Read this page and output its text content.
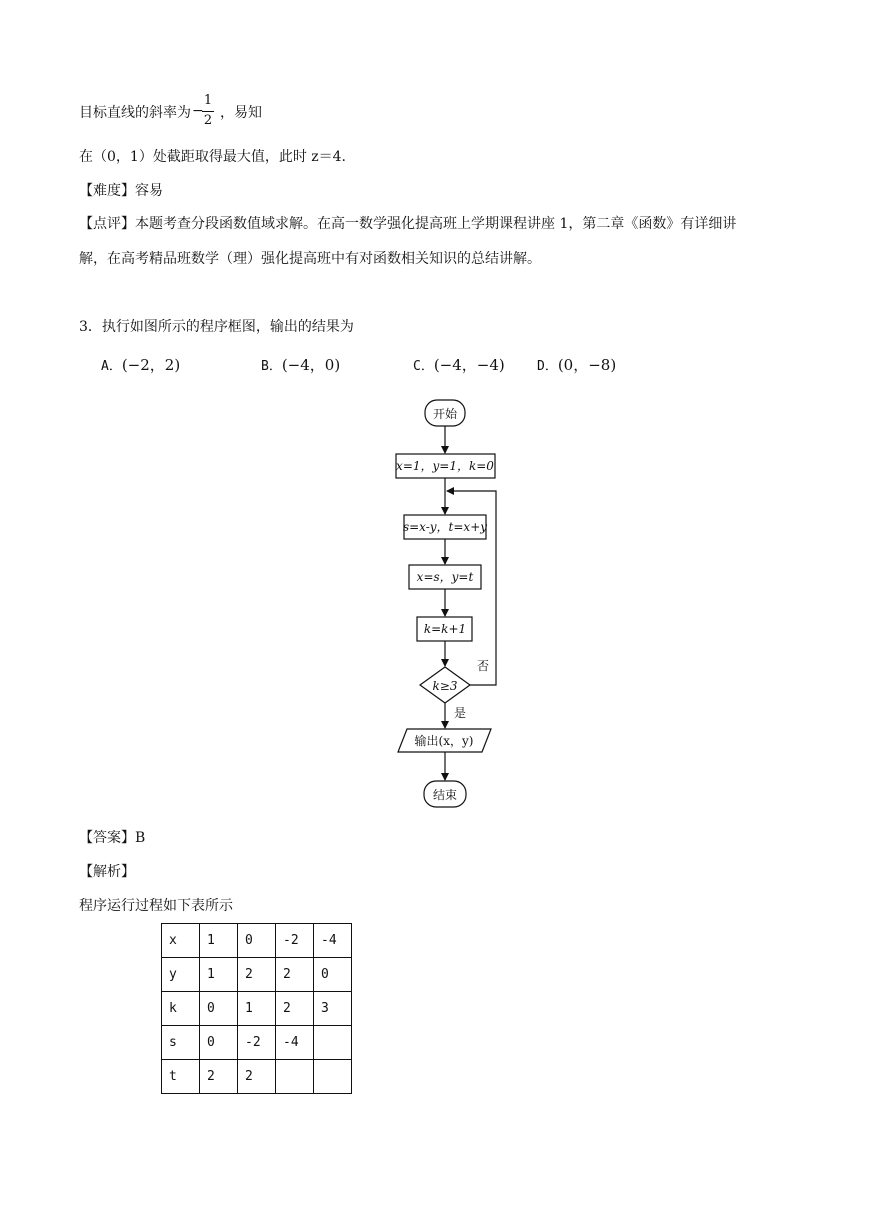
目标直线的斜率为 −
1
2 ，易知
在（0，1）处截距取得最大值，此时 z＝4.
【难度】容易
【点评】本题考查分段函数值域求解。在高一数学强化提高班上学期课程讲座 1，第二章《函数》有详细讲
解，在高考精品班数学（理）强化提高班中有对函数相关知识的总结讲解。
3．执行如图所示的程序框图，输出的结果为
A．(−2，2)	B．(−4，0)	C．(−4，−4) D．(0，−8)
开始
x=1，y=1，k=0
s=x-y，t=x+y
x=s，y=t
k=k+1
k≥3
否
是
输出(x，y)
结束
【答案】B
【解析】
程序运行过程如下表所示
x	1	0	-2	-4
y	1	2	2	0
k	0	1	2	3
s	0	-2	-4	
t	2	2		
